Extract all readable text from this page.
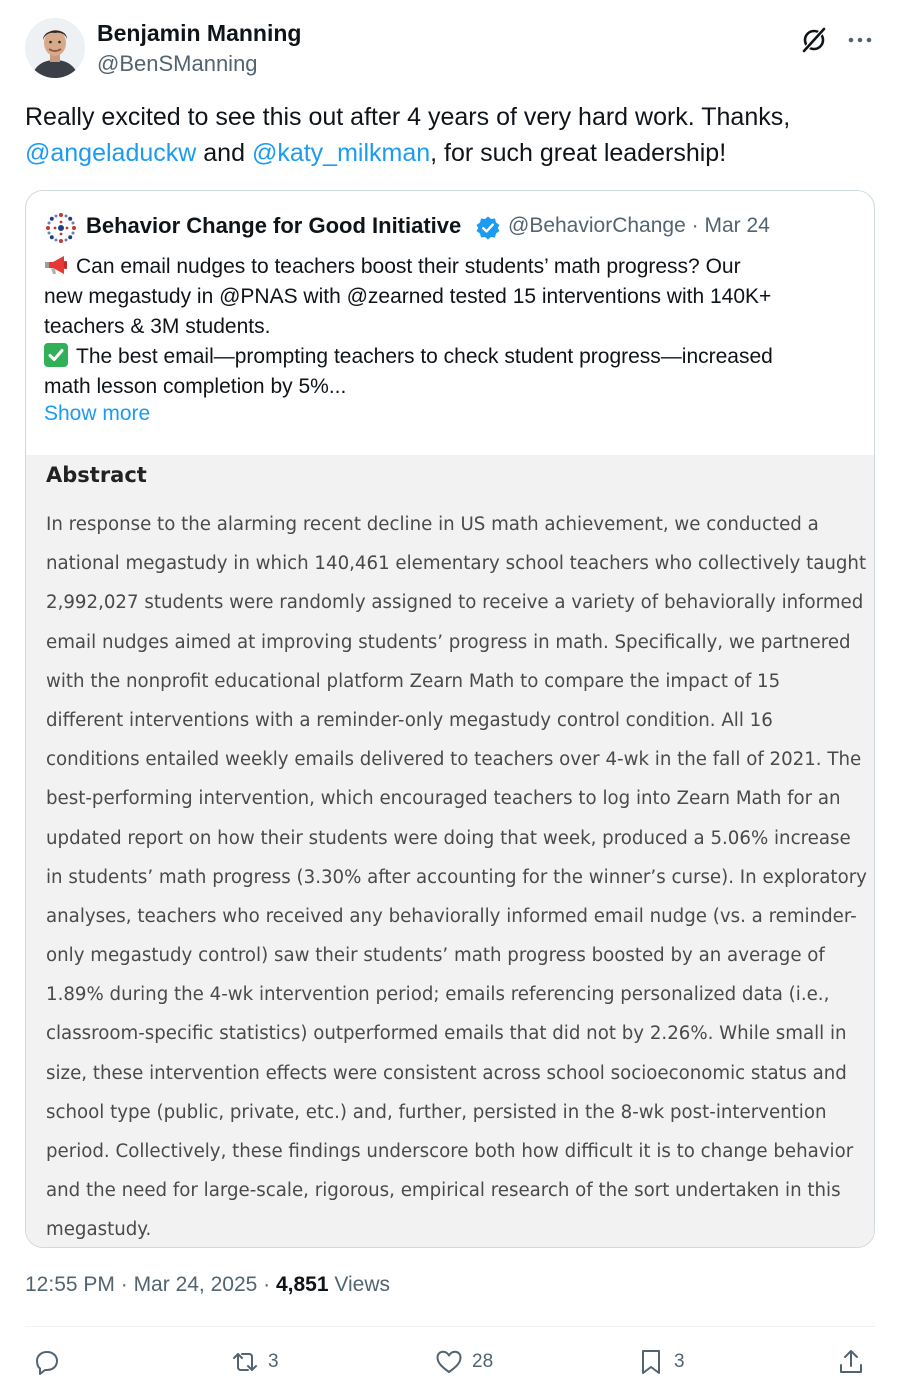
Benjamin Manning
@BenSManning
Really excited to see this out after 4 years of very hard work. Thanks,
@angeladuckw and @katy_milkman, for such great leadership!
Behavior Change for Good Initiative @BehaviorChange · Mar 24
Can email nudges to teachers boost their students’ math progress? Our
new megastudy in @PNAS with @zearned tested 15 interventions with 140K+
teachers & 3M students.
The best email—prompting teachers to check student progress—increased
math lesson completion by 5%...
Show more
Abstract
In response to the alarming recent decline in US math achievement, we conducted a
national megastudy in which 140,461 elementary school teachers who collectively taught
2,992,027 students were randomly assigned to receive a variety of behaviorally informed
email nudges aimed at improving students’ progress in math. Specifically, we partnered
with the nonprofit educational platform Zearn Math to compare the impact of 15
different interventions with a reminder-only megastudy control condition. All 16
conditions entailed weekly emails delivered to teachers over 4-wk in the fall of 2021. The
best-performing intervention, which encouraged teachers to log into Zearn Math for an
updated report on how their students were doing that week, produced a 5.06% increase
in students’ math progress (3.30% after accounting for the winner’s curse). In exploratory
analyses, teachers who received any behaviorally informed email nudge (vs. a reminder-
only megastudy control) saw their students’ math progress boosted by an average of
1.89% during the 4-wk intervention period; emails referencing personalized data (i.e.,
classroom-specific statistics) outperformed emails that did not by 2.26%. While small in
size, these intervention effects were consistent across school socioeconomic status and
school type (public, private, etc.) and, further, persisted in the 8-wk post-intervention
period. Collectively, these findings underscore both how difficult it is to change behavior
and the need for large-scale, rigorous, empirical research of the sort undertaken in this
megastudy.
12:55 PM · Mar 24, 2025 · 4,851 Views
3	28	3
